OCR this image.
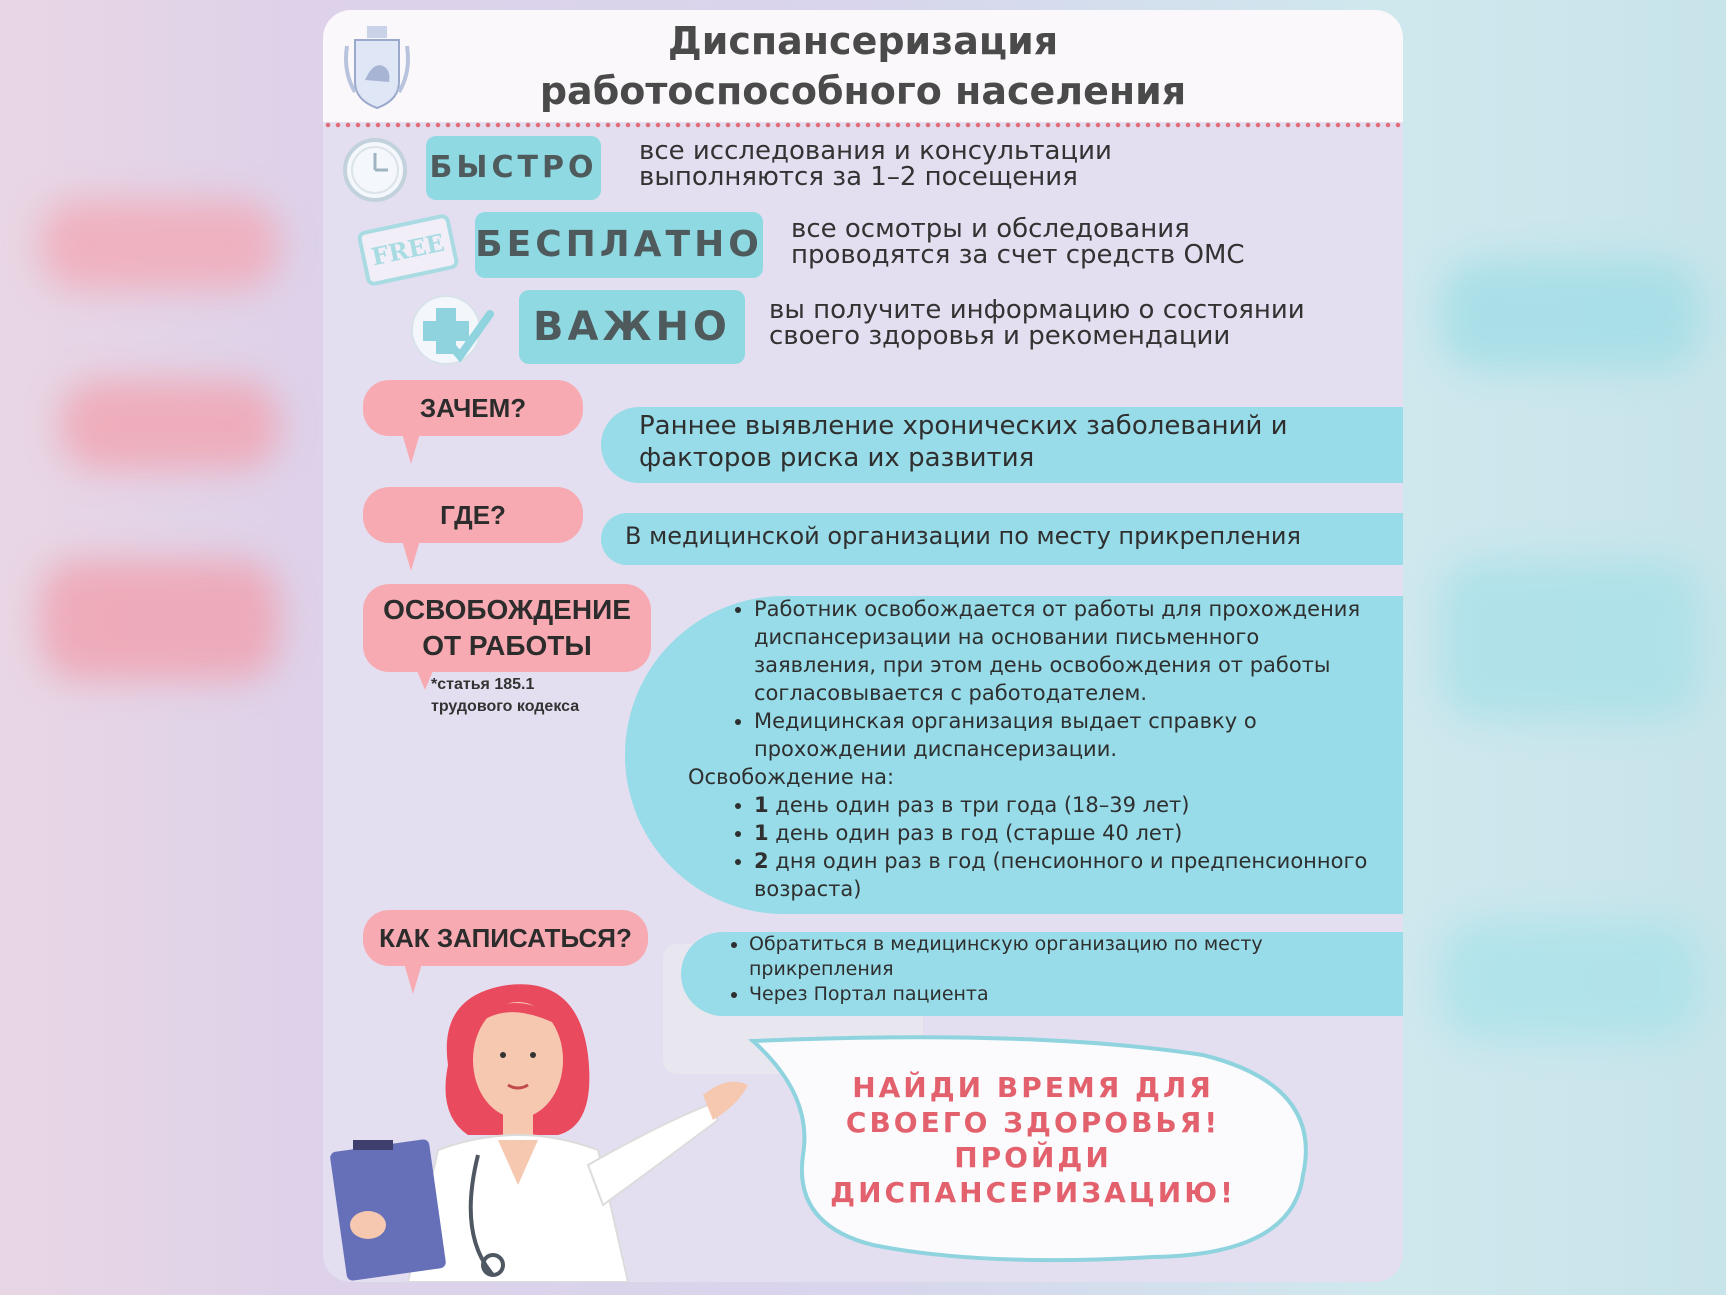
Диспансеризация
работоспособного населения
БЫСТРО все исследования и консультации
выполняются за 1–2 посещения
FREE БЕСПЛАТНО все осмотры и обследования
проводятся за счет средств ОМС
ВАЖНО	вы получите информацию о состоянии
своего здоровья и рекомендации
ЗАЧЕМ?
Раннее выявление хронических заболеваний и
факторов риска их развития
ГДЕ?
В медицинской организации по месту прикрепления
ОСВОБОЖДЕНИЕ
ОТ РАБОТЫ
*статья 185.1
трудового кодекса
• Работник освобождается от работы для прохождения диспансеризации на основании письменного заявления, при этом день освобождения от работы согласовывается с работодателем.
• Медицинская организация выдает справку о прохождении диспансеризации.
Освобождение на:
• 1 день один раз в три года (18–39 лет)
• 1 день один раз в год (старше 40 лет)
• 2 дня один раз в год (пенсионного и предпенсионного возраста)
КАК ЗАПИСАТЬСЯ?
•	Обратиться в медицинскую организацию по месту прикрепления
• Через Портал пациента
НАЙДИ ВРЕМЯ ДЛЯ
СВОЕГО ЗДОРОВЬЯ!
ПРОЙДИ
ДИСПАНСЕРИЗАЦИЮ!
